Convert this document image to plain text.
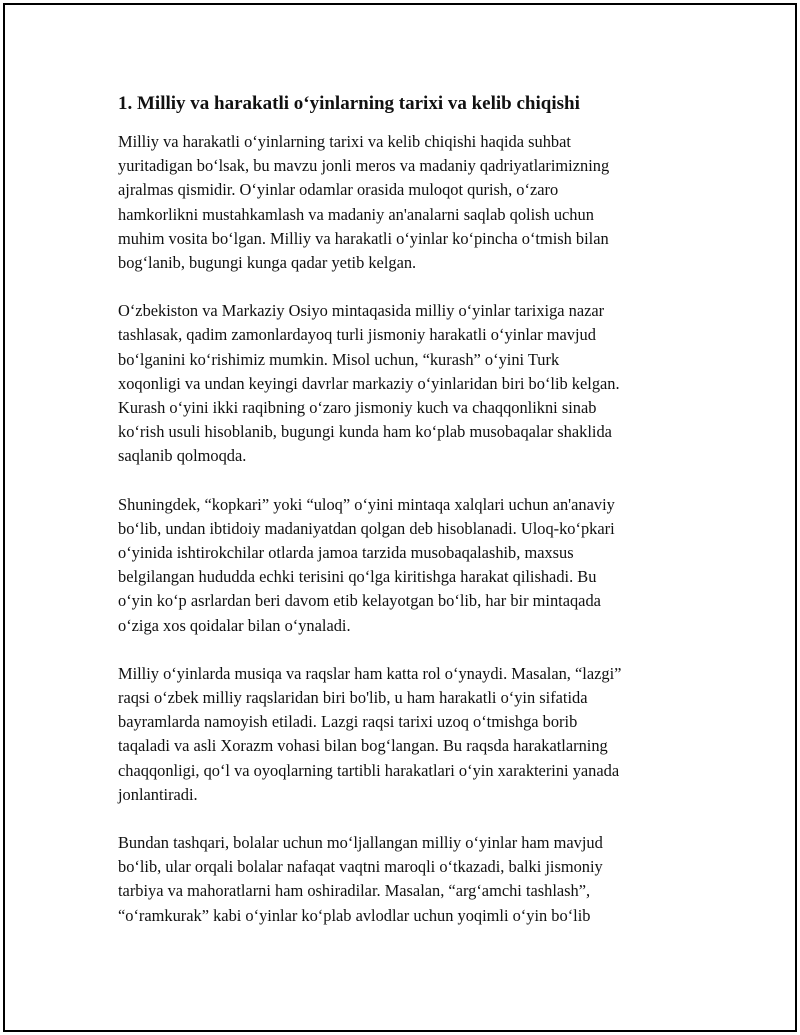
1. Milliy va harakatli o‘yinlarning tarixi va kelib chiqishi

Milliy va harakatli o‘yinlarning tarixi va kelib chiqishi haqida suhbat
yuritadigan bo‘lsak, bu mavzu jonli meros va madaniy qadriyatlarimizning
ajralmas qismidir. O‘yinlar odamlar orasida muloqot qurish, o‘zaro
hamkorlikni mustahkamlash va madaniy an'analarni saqlab qolish uchun
muhim vosita bo‘lgan. Milliy va harakatli o‘yinlar ko‘pincha o‘tmish bilan
bog‘lanib, bugungi kunga qadar yetib kelgan.

O‘zbekiston va Markaziy Osiyo mintaqasida milliy o‘yinlar tarixiga nazar
tashlasak, qadim zamonlardayoq turli jismoniy harakatli o‘yinlar mavjud
bo‘lganini ko‘rishimiz mumkin. Misol uchun, “kurash” o‘yini Turk
xoqonligi va undan keyingi davrlar markaziy o‘yinlaridan biri bo‘lib kelgan.
Kurash o‘yini ikki raqibning o‘zaro jismoniy kuch va chaqqonlikni sinab
ko‘rish usuli hisoblanib, bugungi kunda ham ko‘plab musobaqalar shaklida
saqlanib qolmoqda.

Shuningdek, “kopkari” yoki “uloq” o‘yini mintaqa xalqlari uchun an'anaviy
bo‘lib, undan ibtidoiy madaniyatdan qolgan deb hisoblanadi. Uloq-ko‘pkari
o‘yinida ishtirokchilar otlarda jamoa tarzida musobaqalashib, maxsus
belgilangan hududda echki terisini qo‘lga kiritishga harakat qilishadi. Bu
o‘yin ko‘p asrlardan beri davom etib kelayotgan bo‘lib, har bir mintaqada
o‘ziga xos qoidalar bilan o‘ynaladi.

Milliy o‘yinlarda musiqa va raqslar ham katta rol o‘ynaydi. Masalan, “lazgi”
raqsi o‘zbek milliy raqslaridan biri bo'lib, u ham harakatli o‘yin sifatida
bayramlarda namoyish etiladi. Lazgi raqsi tarixi uzoq o‘tmishga borib
taqaladi va asli Xorazm vohasi bilan bog‘langan. Bu raqsda harakatlarning
chaqqonligi, qo‘l va oyoqlarning tartibli harakatlari o‘yin xarakterini yanada
jonlantiradi.

Bundan tashqari, bolalar uchun mo‘ljallangan milliy o‘yinlar ham mavjud
bo‘lib, ular orqali bolalar nafaqat vaqtni maroqli o‘tkazadi, balki jismoniy
tarbiya va mahoratlarni ham oshiradilar. Masalan, “arg‘amchi tashlash”,
“o‘ramkurak” kabi o‘yinlar ko‘plab avlodlar uchun yoqimli o‘yin bo‘lib
